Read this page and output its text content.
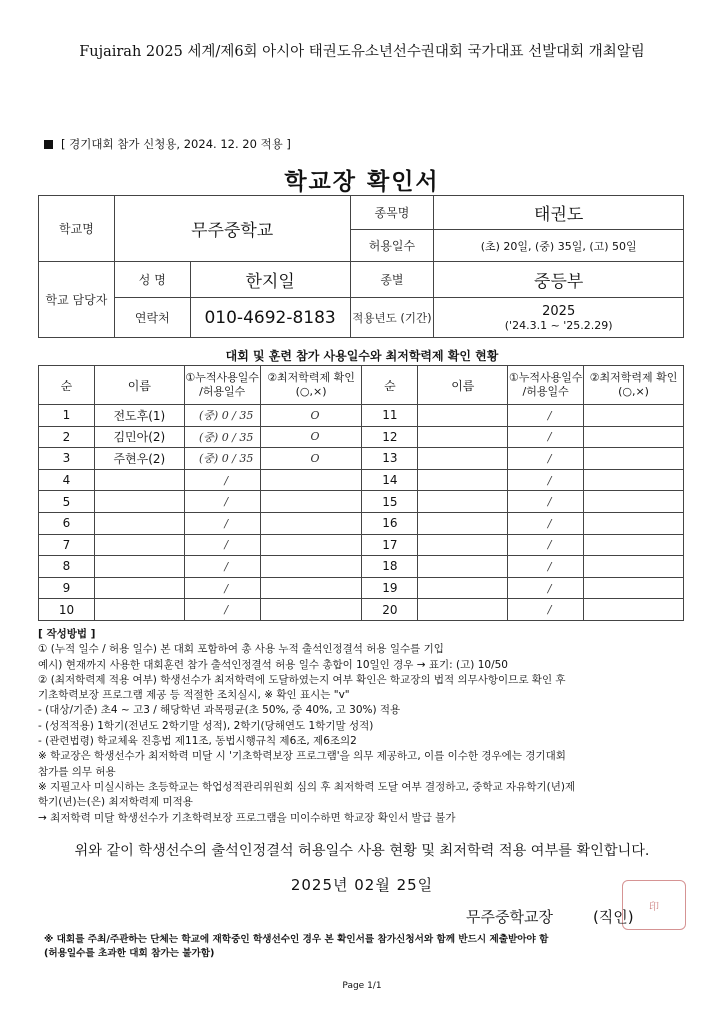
Fujairah 2025 세계/제6회 아시아 태권도유소년선수권대회 국가대표 선발대회 개최알림
[ 경기대회 참가 신청용, 2024. 12. 20 적용 ]
학교장 확인서
학교명	무주중학교		종목명	태권도
			허용일수	(초) 20일, (중) 35일, (고) 50일
학교 담당자	성 명	한지일	종별	중등부
	연락처	010-4692-8183	적용년도 (기간)	2025
('24.3.1 ~ '25.2.29)
대회 및 훈련 참가 사용일수와 최저학력제 확인 현황
순	이름	①누적사용일수 /허용일수	②최저학력제 확인(○,×)	순	이름	①누적사용일수 /허용일수	②최저학력제 확인(○,×)
1	전도후(1)	(중) 0 / 35	O	11		/	
2	김민아(2)	(중) 0 / 35	O	12		/	
3	주현우(2)	(중) 0 / 35	O	13		/	
4		/		14		/	
5		/		15		/	
6		/		16		/	
7		/		17		/	
8		/		18		/	
9		/		19		/	
10		/		20		/	
[ 작성방법 ]
① (누적 일수 / 허용 일수) 본 대회 포함하여 총 사용 누적 출석인정결석 허용 일수를 기입
예시) 현재까지 사용한 대회훈련 참가 출석인정결석 허용 일수 총합이 10일인 경우 → 표기: (고) 10/50
② (최저학력제 적용 여부) 학생선수가 최저학력에 도달하였는지 여부 확인은 학교장의 법적 의무사항이므로 확인 후
기초학력보장 프로그램 제공 등 적절한 조치실시, ※ 확인 표시는 "v"
- (대상/기준) 초4 ~ 고3 / 해당학년 과목평균(초 50%, 중 40%, 고 30%) 적용
- (성적적용) 1학기(전년도 2학기말 성적), 2학기(당해연도 1학기말 성적)
- (관련법령) 학교체육 진흥법 제11조, 동법시행규칙 제6조, 제6조의2
※ 학교장은 학생선수가 최저학력 미달 시 '기초학력보장 프로그램'을 의무 제공하고, 이를 이수한 경우에는 경기대회
참가를 의무 허용
※ 지필고사 미실시하는 초등학교는 학업성적관리위원회 심의 후 최저학력 도달 여부 결정하고, 중학교 자유학기(년)제
학기(년)는(은) 최저학력제 미적용
→ 최저학력 미달 학생선수가 기초학력보장 프로그램을 미이수하면 학교장 확인서 발급 불가
위와 같이 학생선수의 출석인정결석 허용일수 사용 현황 및 최저학력 적용 여부를 확인합니다.
2025년 02월 25일
印
무주중학교장	(직인)
※ 대회를 주최/주관하는 단체는 학교에 재학중인 학생선수인 경우 본 확인서를 참가신청서와 함께 반드시 제출받아야 함
(허용일수를 초과한 대회 참가는 불가함)
Page 1/1
